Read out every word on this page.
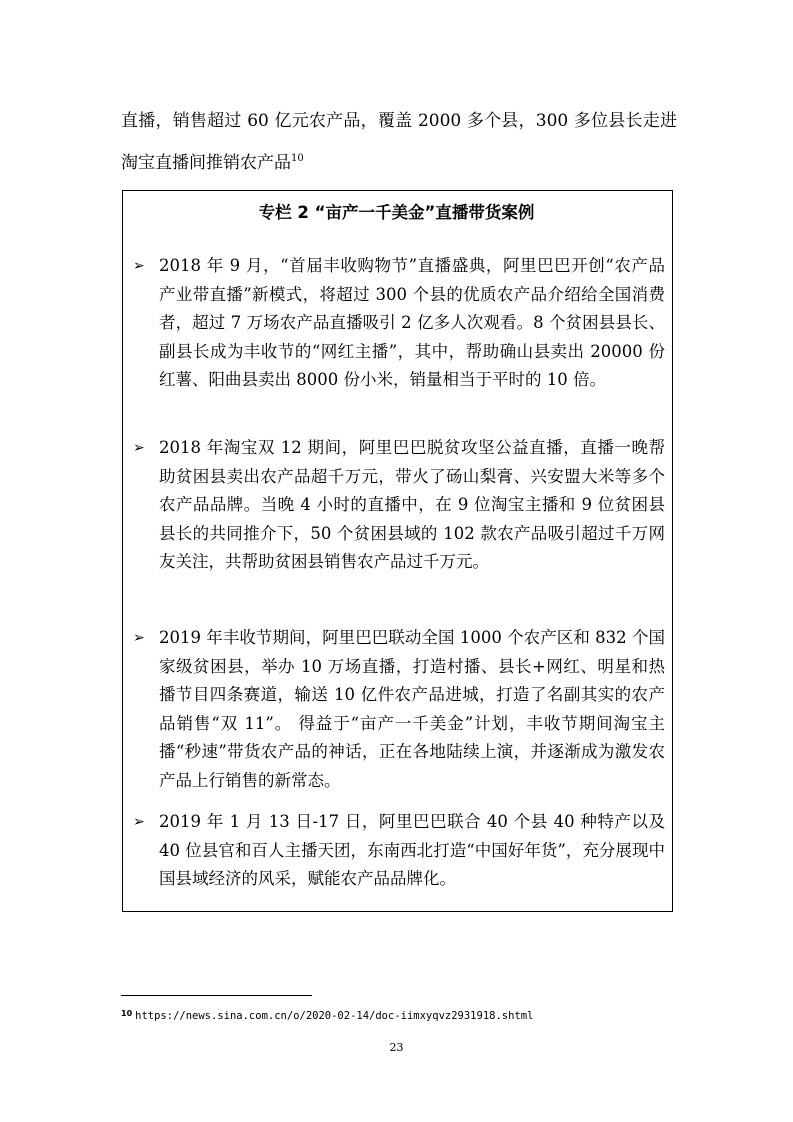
直播，销售超过 60 亿元农产品，覆盖 2000 多个县，300 多位县长走进淘宝直播间推销农产品$^{10}$
专栏 2 “亩产一千美金”直播带货案例
➢ 2018 年 9 月，“首届丰收购物节”直播盛典，阿里巴巴开创“农产品产业带直播”新模式，将超过 300 个县的优质农产品介绍给全国消费者，超过 7 万场农产品直播吸引 2 亿多人次观看。8 个贫困县县长、副县长成为丰收节的“网红主播”，其中，帮助确山县卖出 20000 份红薯、阳曲县卖出 8000 份小米，销量相当于平时的 10 倍。
➢ 2018 年淘宝双 12 期间，阿里巴巴脱贫攻坚公益直播，直播一晚帮助贫困县卖出农产品超千万元，带火了砀山梨膏、兴安盟大米等多个农产品品牌。当晚 4 小时的直播中，在 9 位淘宝主播和 9 位贫困县县长的共同推介下，50 个贫困县域的 102 款农产品吸引超过千万网友关注，共帮助贫困县销售农产品过千万元。
➢ 2019 年丰收节期间，阿里巴巴联动全国 1000 个农产区和 832 个国家级贫困县，举办 10 万场直播，打造村播、县长+网红、明星和热播节目四条赛道，输送 10 亿件农产品进城，打造了名副其实的农产品销售“双 11”。 得益于“亩产一千美金”计划，丰收节期间淘宝主播“秒速”带货农产品的神话，正在各地陆续上演，并逐渐成为激发农产品上行销售的新常态。
➢ 2019 年 1 月 13 日-17 日，阿里巴巴联合 40 个县 40 种特产以及 40 位县官和百人主播天团，东南西北打造“中国好年货”，充分展现中国县域经济的风采，赋能农产品品牌化。
$^{10}$ https://news.sina.com.cn/o/2020-02-14/doc-iimxyqvz2931918.shtml
23
